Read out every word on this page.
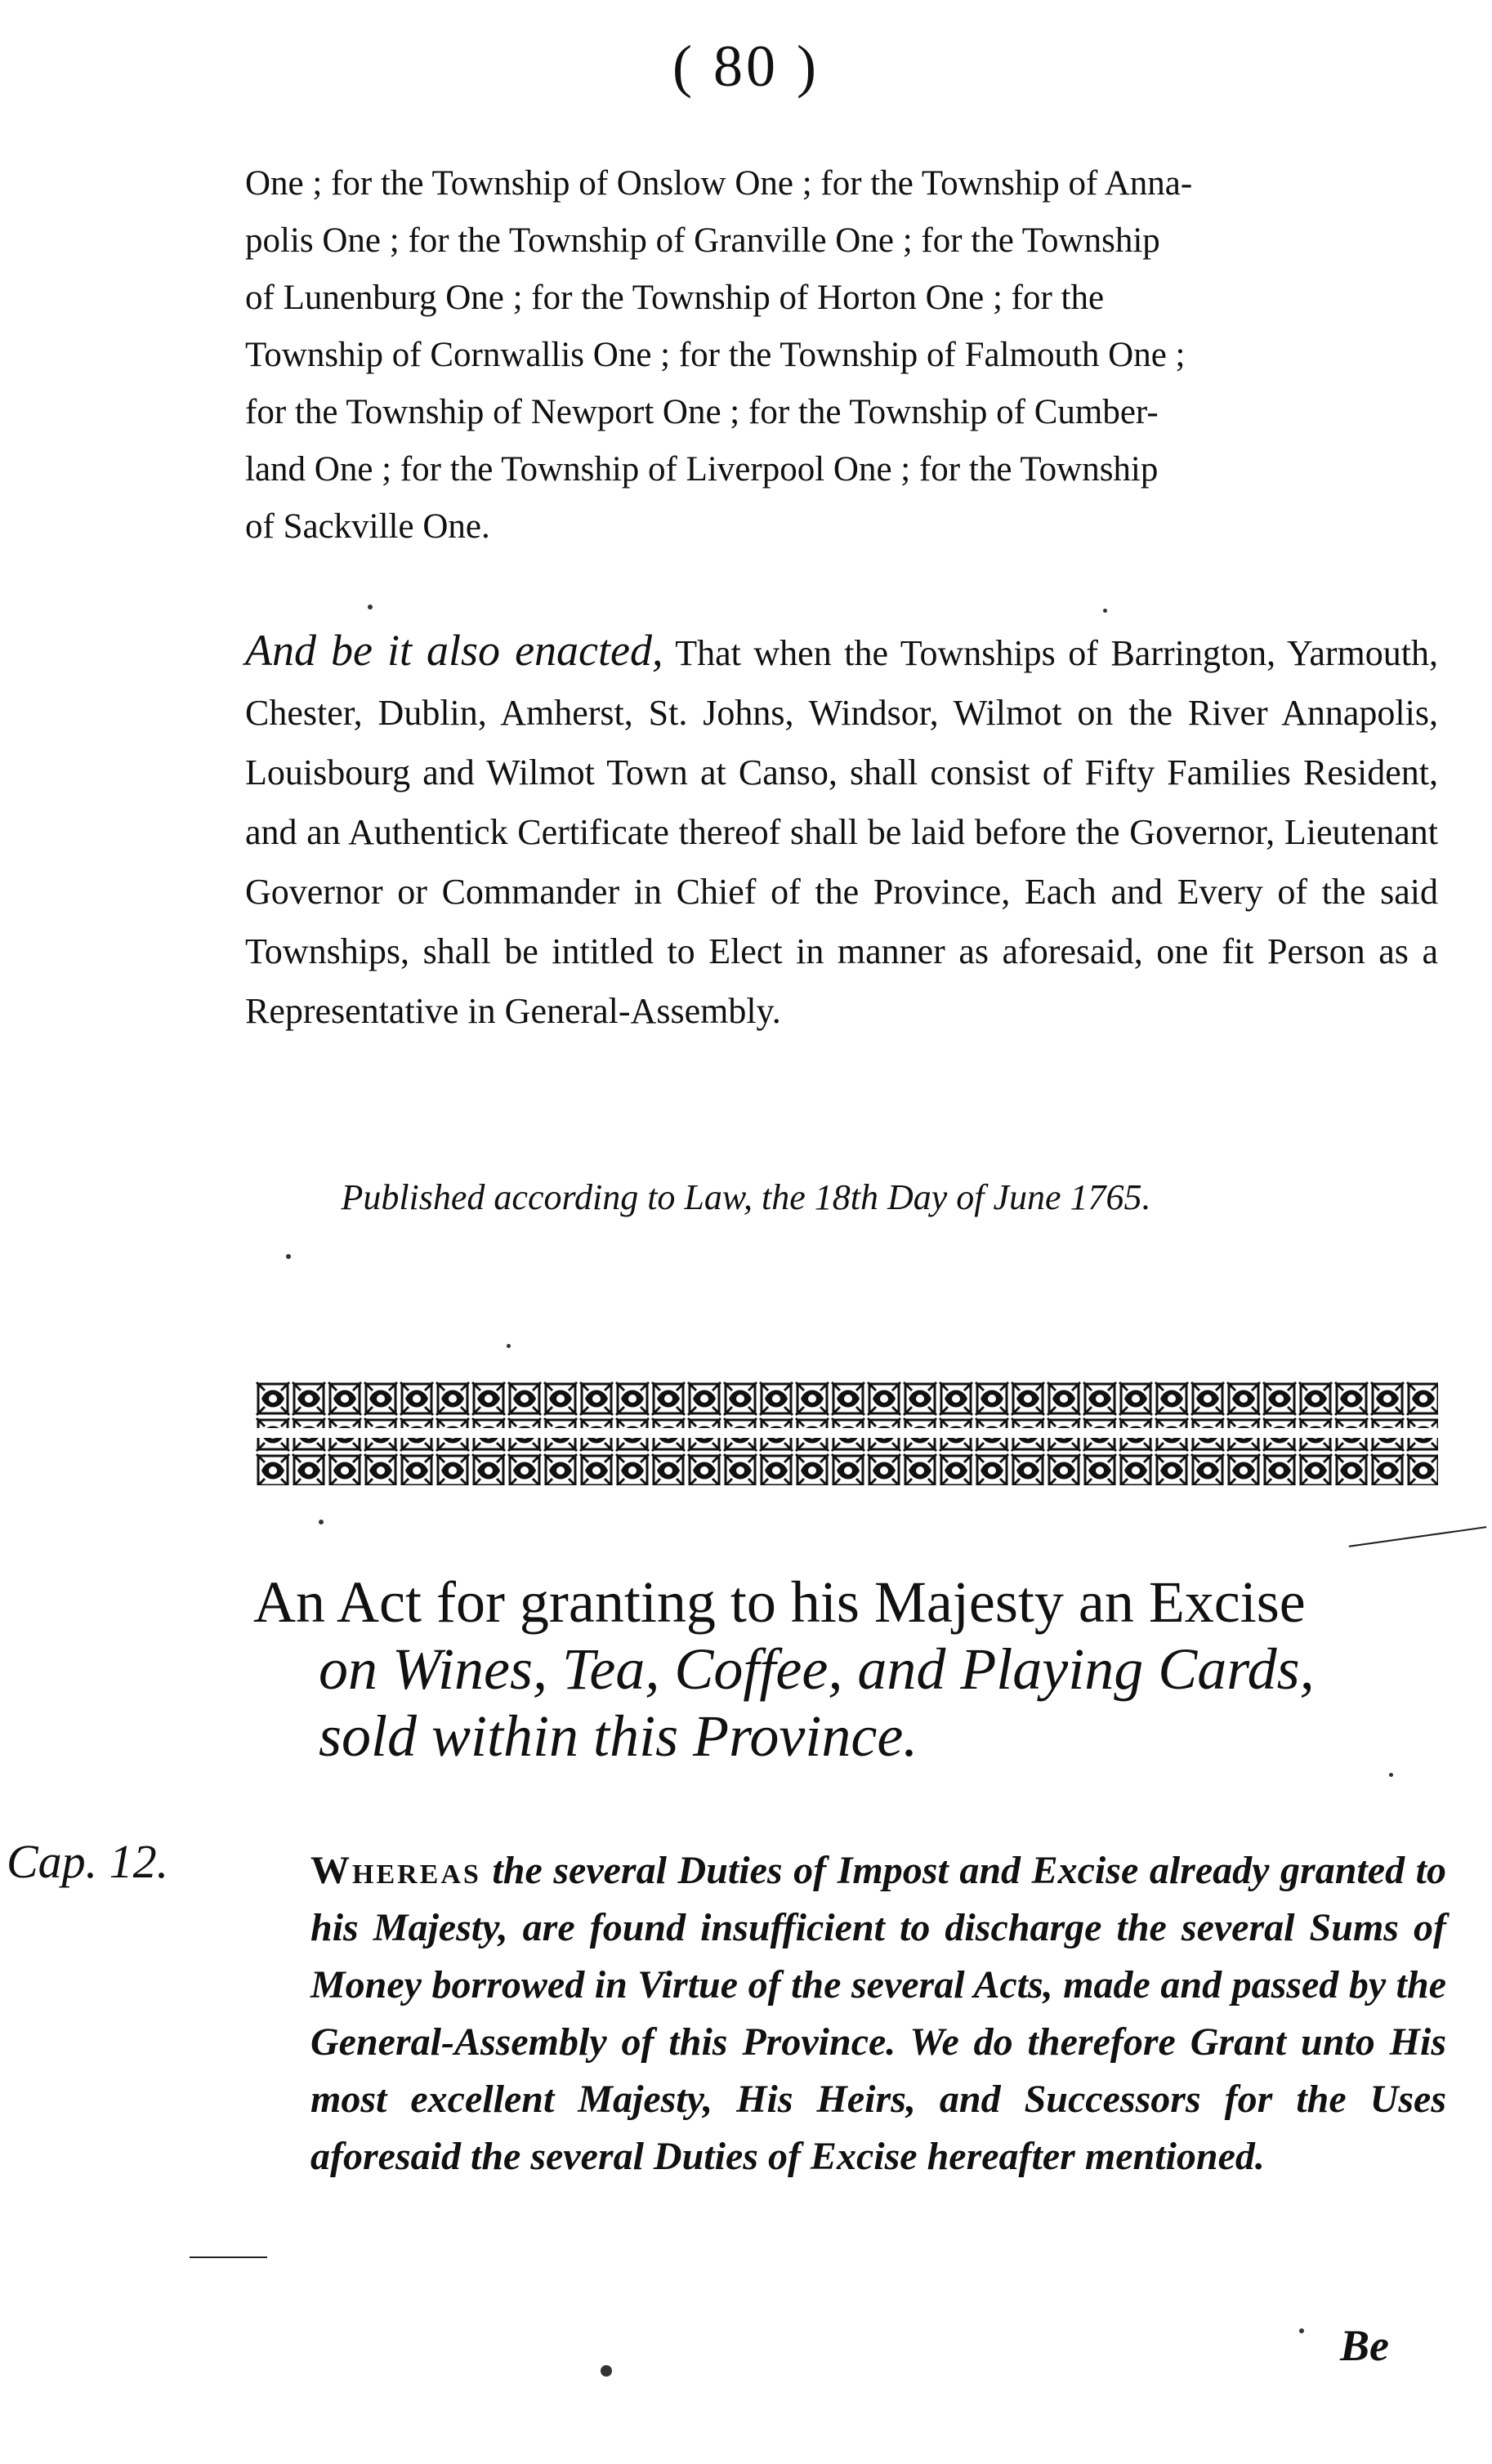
( 80 )

One ; for the Township of Onslow One ; for the Township of Anna-

polis One ; for the Township of Granville One ; for the Township

of Lunenburg One ; for the Township of Horton One ; for the

Township of Cornwallis One ; for the Township of Falmouth One ;

for the Township of Newport One ; for the Township of Cumber-

land One ; for the Township of Liverpool One ; for the Township

of Sackville One.

And be it also enacted, That when the Townships of Barrington, Yarmouth, Chester, Dublin, Amherst, St. Johns, Windsor, Wilmot on the River Annapolis, Louisbourg and Wilmot Town at Canso, shall consist of Fifty Families Resident, and an Authentick Certificate thereof shall be laid before the Governor, Lieutenant Governor or Commander in Chief of the Province, Each and Every of the said Townships, shall be intitled to Elect in manner as aforesaid, one fit Person as a Representative in General-Assembly.

Published according to Law, the 18th Day of June 1765.

An Act for granting to his Majesty an Excise

on Wines, Tea, Coffee, and Playing Cards,

sold within this Province.

Cap. 12.	Whereas the several Duties of Impost and Excise already granted to his Majesty, are found insufficient to discharge the several Sums of Money borrowed in Virtue of the several Acts, made and passed by the General-Assembly of this Province. We do therefore Grant unto His most excellent Majesty, His Heirs, and Successors for the Uses aforesaid the several Duties of Excise hereafter mentioned.

Be
